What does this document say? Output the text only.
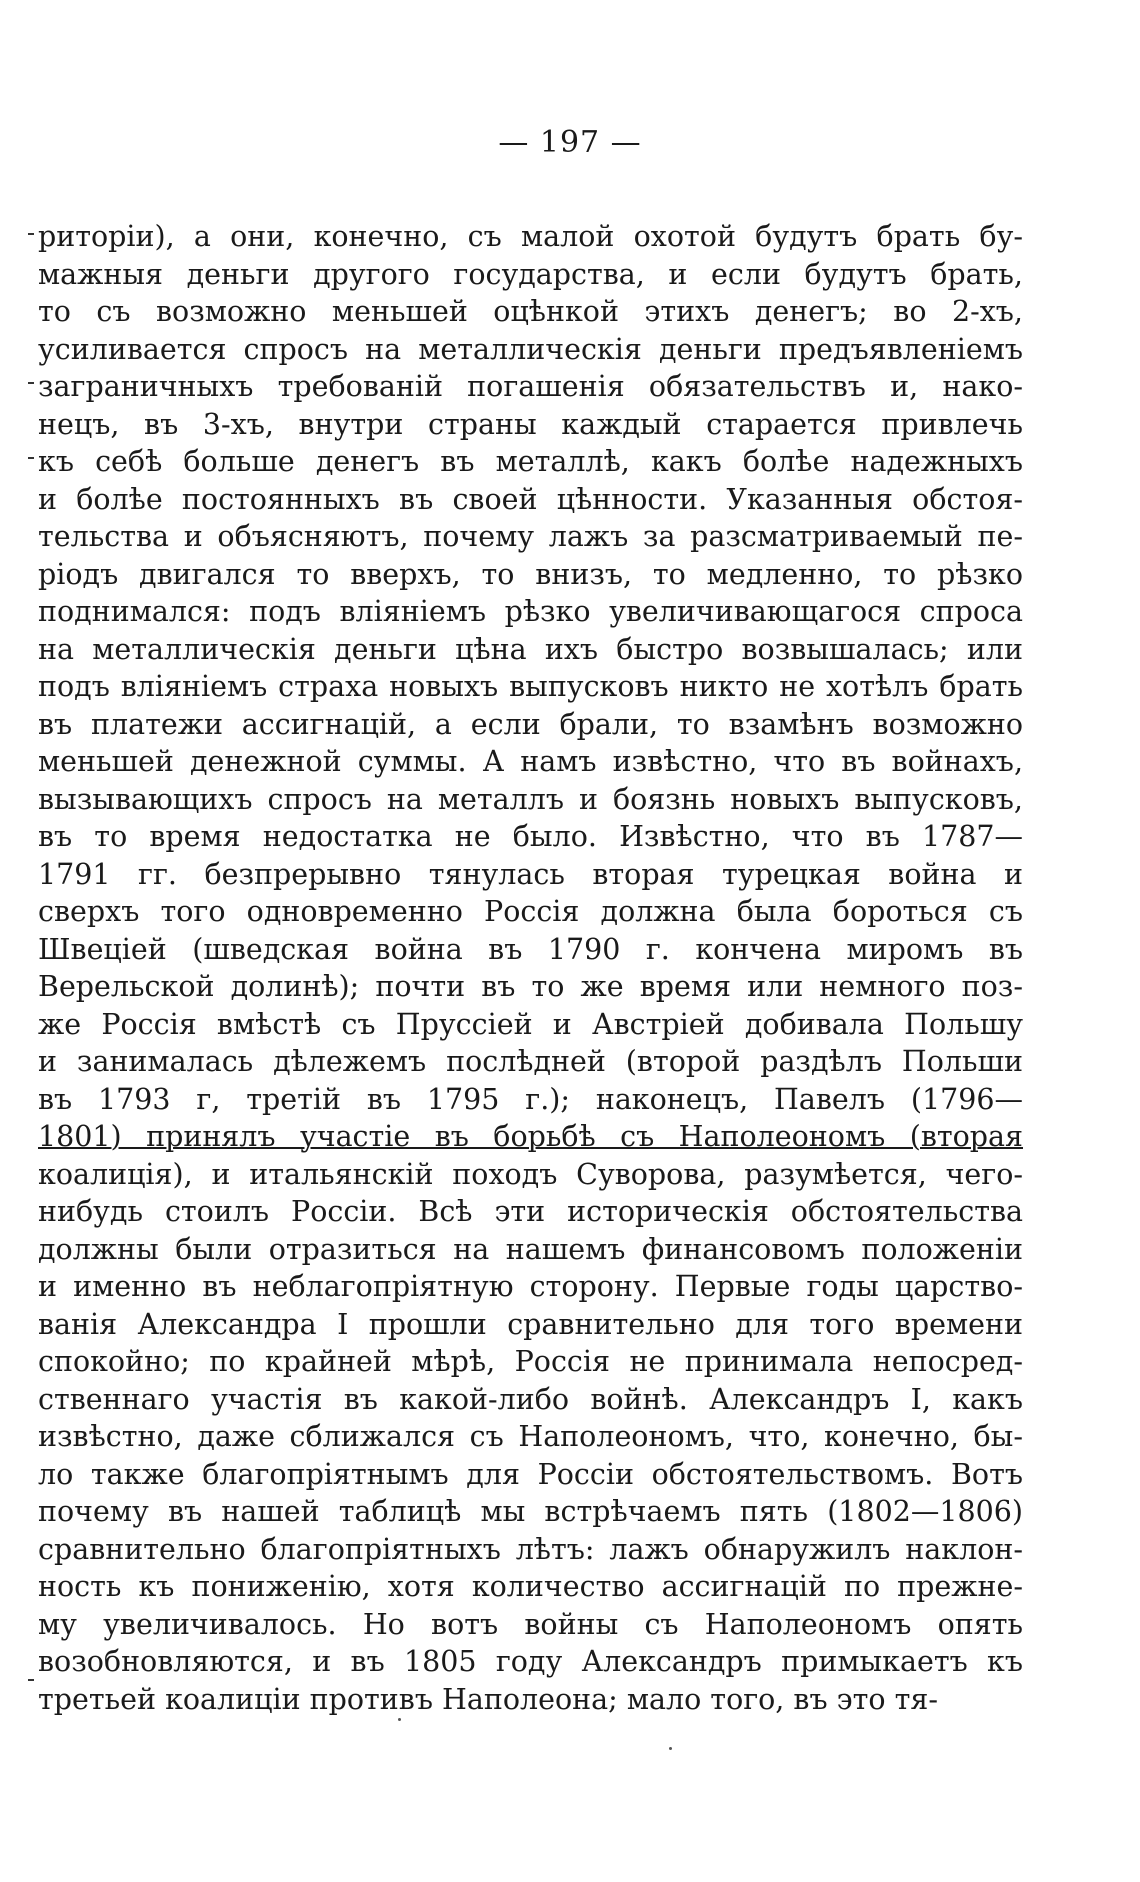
— 197 —
риторіи), а они, конечно, съ малой охотой будутъ брать бу-
мажныя деньги другого государства, и если будутъ брать,
то съ возможно меньшей оцѣнкой этихъ денегъ; во 2-хъ,
усиливается спросъ на металлическія деньги предъявленіемъ
заграничныхъ требованій погашенія обязательствъ и, нако-
нецъ, въ 3-хъ, внутри страны каждый старается привлечь
къ себѣ больше денегъ въ металлѣ, какъ болѣе надежныхъ
и болѣе постоянныхъ въ своей цѣнности. Указанныя обстоя-
тельства и объясняютъ, почему лажъ за разсматриваемый пе-
ріодъ двигался то вверхъ, то внизъ, то медленно, то рѣзко
поднимался: подъ вліяніемъ рѣзко увеличивающагося спроса
на металлическія деньги цѣна ихъ быстро возвышалась; или
подъ вліяніемъ страха новыхъ выпусковъ никто не хотѣлъ брать
въ платежи ассигнацій, а если брали, то взамѣнъ возможно
меньшей денежной суммы. А намъ извѣстно, что въ войнахъ,
вызывающихъ спросъ на металлъ и боязнь новыхъ выпусковъ,
въ то время недостатка не было. Извѣстно, что въ 1787—
1791 гг. безпрерывно тянулась вторая турецкая война и
сверхъ того одновременно Россія должна была бороться съ
Швеціей (шведская война въ 1790 г. кончена миромъ въ
Верельской долинѣ); почти въ то же время или немного поз-
же Россія вмѣстѣ съ Пруссіей и Австріей добивала Польшу
и занималась дѣлежемъ послѣдней (второй раздѣлъ Польши
въ 1793 г, третій въ 1795 г.); наконецъ, Павелъ (1796—
1801) принялъ участіе въ борьбѣ съ Наполеономъ (вторая
коалиція), и итальянскій походъ Суворова, разумѣется, чего-
нибудь стоилъ Россіи. Всѣ эти историческія обстоятельства
должны были отразиться на нашемъ финансовомъ положеніи
и именно въ неблагопріятную сторону. Первые годы царство-
ванія Александра I прошли сравнительно для того времени
спокойно; по крайней мѣрѣ, Россія не принимала непосред-
ственнаго участія въ какой-либо войнѣ. Александръ I, какъ
извѣстно, даже сближался съ Наполеономъ, что, конечно, бы-
ло также благопріятнымъ для Россіи обстоятельствомъ. Вотъ
почему въ нашей таблицѣ мы встрѣчаемъ пять (1802—1806)
сравнительно благопріятныхъ лѣтъ: лажъ обнаружилъ наклон-
ность къ пониженію, хотя количество ассигнацій по прежне-
му увеличивалось. Но вотъ войны съ Наполеономъ опять
возобновляются, и въ 1805 году Александръ примыкаетъ къ
третьей коалиціи противъ Наполеона; мало того, въ это тя-
